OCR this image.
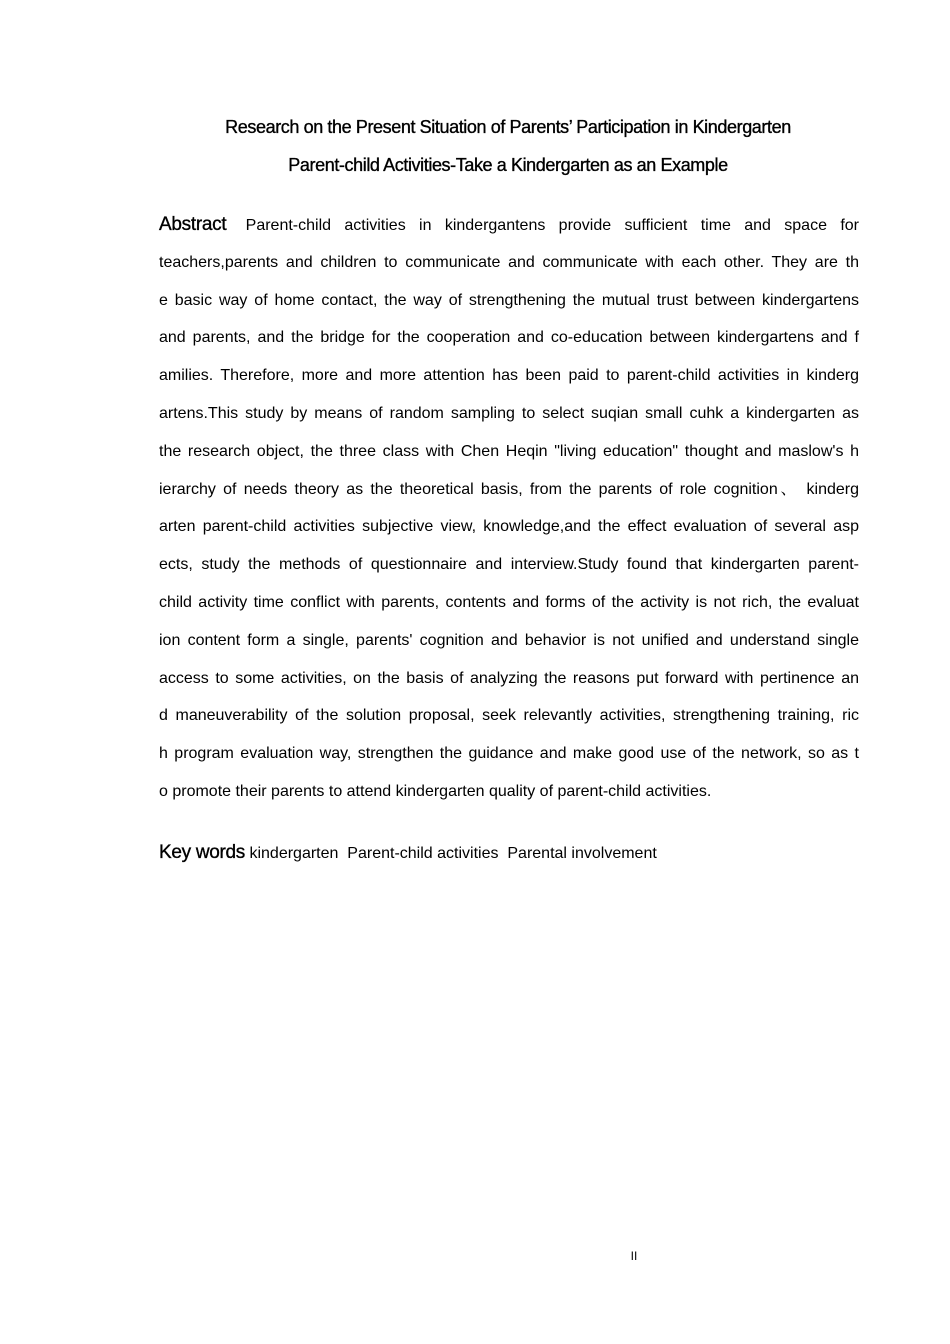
Research on the Present Situation of Parents’ Participation in Kindergarten
Parent-child Activities-Take a Kindergarten as an Example
Abstract Parent-child activities in kindergantens provide sufficient time and space for
teachers,parents and children to communicate and communicate with each other. They are th
e basic way of home contact, the way of strengthening the mutual trust between kindergartens
and parents, and the bridge for the cooperation and co-education between kindergartens and f
amilies. Therefore, more and more attention has been paid to parent-child activities in kinderg
artens.This study by means of random sampling to select suqian small cuhk a kindergarten as
the research object, the three class with Chen Heqin "living education" thought and maslow's h
ierarchy of needs theory as the theoretical basis, from the parents of role cognition、 kinderg
arten parent-child activities subjective view, knowledge,and the effect evaluation of several asp
ects, study the methods of questionnaire and interview.Study found that kindergarten parent-
child activity time conflict with parents, contents and forms of the activity is not rich, the evaluat
ion content form a single, parents' cognition and behavior is not unified and understand single
access to some activities, on the basis of analyzing the reasons put forward with pertinence an
d maneuverability of the solution proposal, seek relevantly activities, strengthening training, ric
h program evaluation way, strengthen the guidance and make good use of the network, so as t
o promote their parents to attend kindergarten quality of parent-child activities.
Key words kindergarten  Parent-child activities  Parental involvement
II
